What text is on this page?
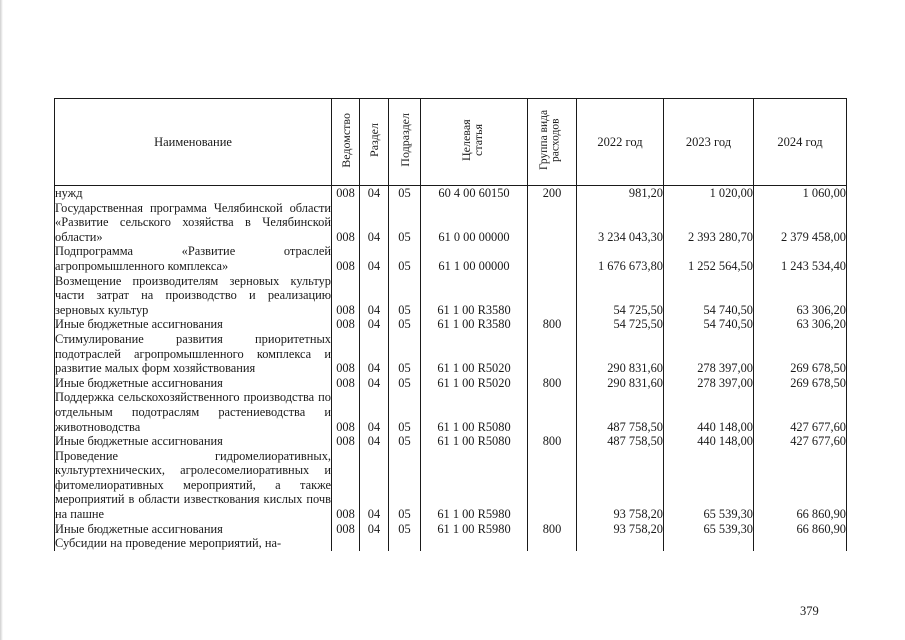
Наименование	Ведомство	Раздел	Подраздел	Целевая статья	Группа вида расходов	2022 год	2023 год	2024 год
нужд	008	04	05	60 4 00 60150	200	981,20	1 020,00	1 060,00
Государственная программа Челябинской области «Развитие сельского хозяйства в Челябинской области»	008	04	05	61 0 00 00000		3 234 043,30	2 393 280,70	2 379 458,00
Подпрограмма «Развитие отраслей агропромышленного комплекса»	008	04	05	61 1 00 00000		1 676 673,80	1 252 564,50	1 243 534,40
Возмещение производителям зерновых культур части затрат на производство и реализацию зерновых культур	008	04	05	61 1 00 R3580		54 725,50	54 740,50	63 306,20
Иные бюджетные ассигнования	008	04	05	61 1 00 R3580	800	54 725,50	54 740,50	63 306,20
Стимулирование развития приоритетных подотраслей агропромышленного комплекса и развитие малых форм хозяйствования	008	04	05	61 1 00 R5020		290 831,60	278 397,00	269 678,50
Иные бюджетные ассигнования	008	04	05	61 1 00 R5020	800	290 831,60	278 397,00	269 678,50
Поддержка сельскохозяйственного производства по отдельным подотраслям растениеводства и животноводства	008	04	05	61 1 00 R5080		487 758,50	440 148,00	427 677,60
Иные бюджетные ассигнования	008	04	05	61 1 00 R5080	800	487 758,50	440 148,00	427 677,60
Проведение гидромелиоративных, культуртехнических, агролесомелиоративных и фитомелиоративных мероприятий, а также мероприятий в области известкования кислых почв на пашне	008	04	05	61 1 00 R5980		93 758,20	65 539,30	66 860,90
Иные бюджетные ассигнования	008	04	05	61 1 00 R5980	800	93 758,20	65 539,30	66 860,90
Субсидии на проведение мероприятий, на-								
379
